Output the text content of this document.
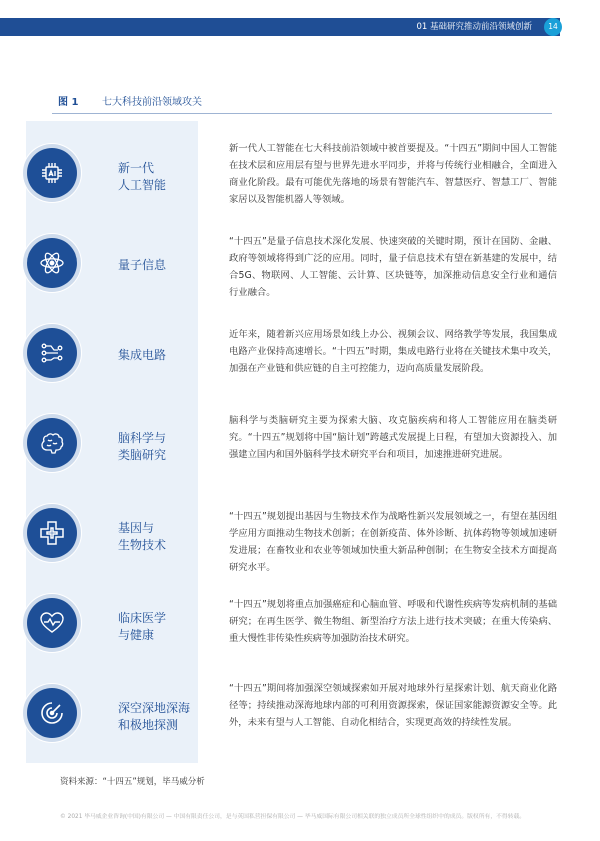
01 基础研究推动前沿领域创新	14
图 1 七大科技前沿领域攻关
新一代
人工智能
新一代人工智能在七大科技前沿领域中被首要提及。“十四五”期间中国人工智能在技术层和应用层有望与世界先进水平同步，并将与传统行业相融合，全面进入商业化阶段。最有可能优先落地的场景有智能汽车、智慧医疗、智慧工厂、智能家居以及智能机器人等领域。
量子信息
“十四五”是量子信息技术深化发展、快速突破的关键时期，预计在国防、金融、政府等领域将得到广泛的应用。同时，量子信息技术有望在新基建的发展中，结合5G、物联网、人工智能、云计算、区块链等，加深推动信息安全行业和通信行业融合。
集成电路
近年来，随着新兴应用场景如线上办公、视频会议、网络教学等发展，我国集成电路产业保持高速增长。“十四五”时期，集成电路行业将在关键技术集中攻关，加强在产业链和供应链的自主可控能力，迈向高质量发展阶段。
脑科学与
类脑研究
脑科学与类脑研究主要为探索大脑、攻克脑疾病和将人工智能应用在脑类研究。“十四五”规划将中国“脑计划”跨越式发展提上日程，有望加大资源投入、加强建立国内和国外脑科学技术研究平台和项目，加速推进研究进展。
基因与
生物技术
“十四五”规划提出基因与生物技术作为战略性新兴发展领域之一，有望在基因组学应用方面推动生物技术创新；在创新疫苗、体外诊断、抗体药物等领域加速研发进展；在畜牧业和农业等领域加快重大新品种创制；在生物安全技术方面提高研究水平。
临床医学
与健康
“十四五”规划将重点加强癌症和心脑血管、呼吸和代谢性疾病等发病机制的基础研究；在再生医学、微生物组、新型治疗方法上进行技术突破；在重大传染病、重大慢性非传染性疾病等加强防治技术研究。
深空深地深海
和极地探测
“十四五”期间将加强深空领域探索如开展对地球外行星探索计划、航天商业化路径等；持续推动深海地球内部的可利用资源探索，保证国家能源资源安全等。此外，未来有望与人工智能、自动化相结合，实现更高效的持续性发展。
资料来源：“十四五”规划，毕马威分析
© 2021 毕马威企业咨询(中国)有限公司 — 中国有限责任公司，是与英国私营担保有限公司 — 毕马威国际有限公司相关联的独立成员所全球性组织中的成员。版权所有，不得转载。
